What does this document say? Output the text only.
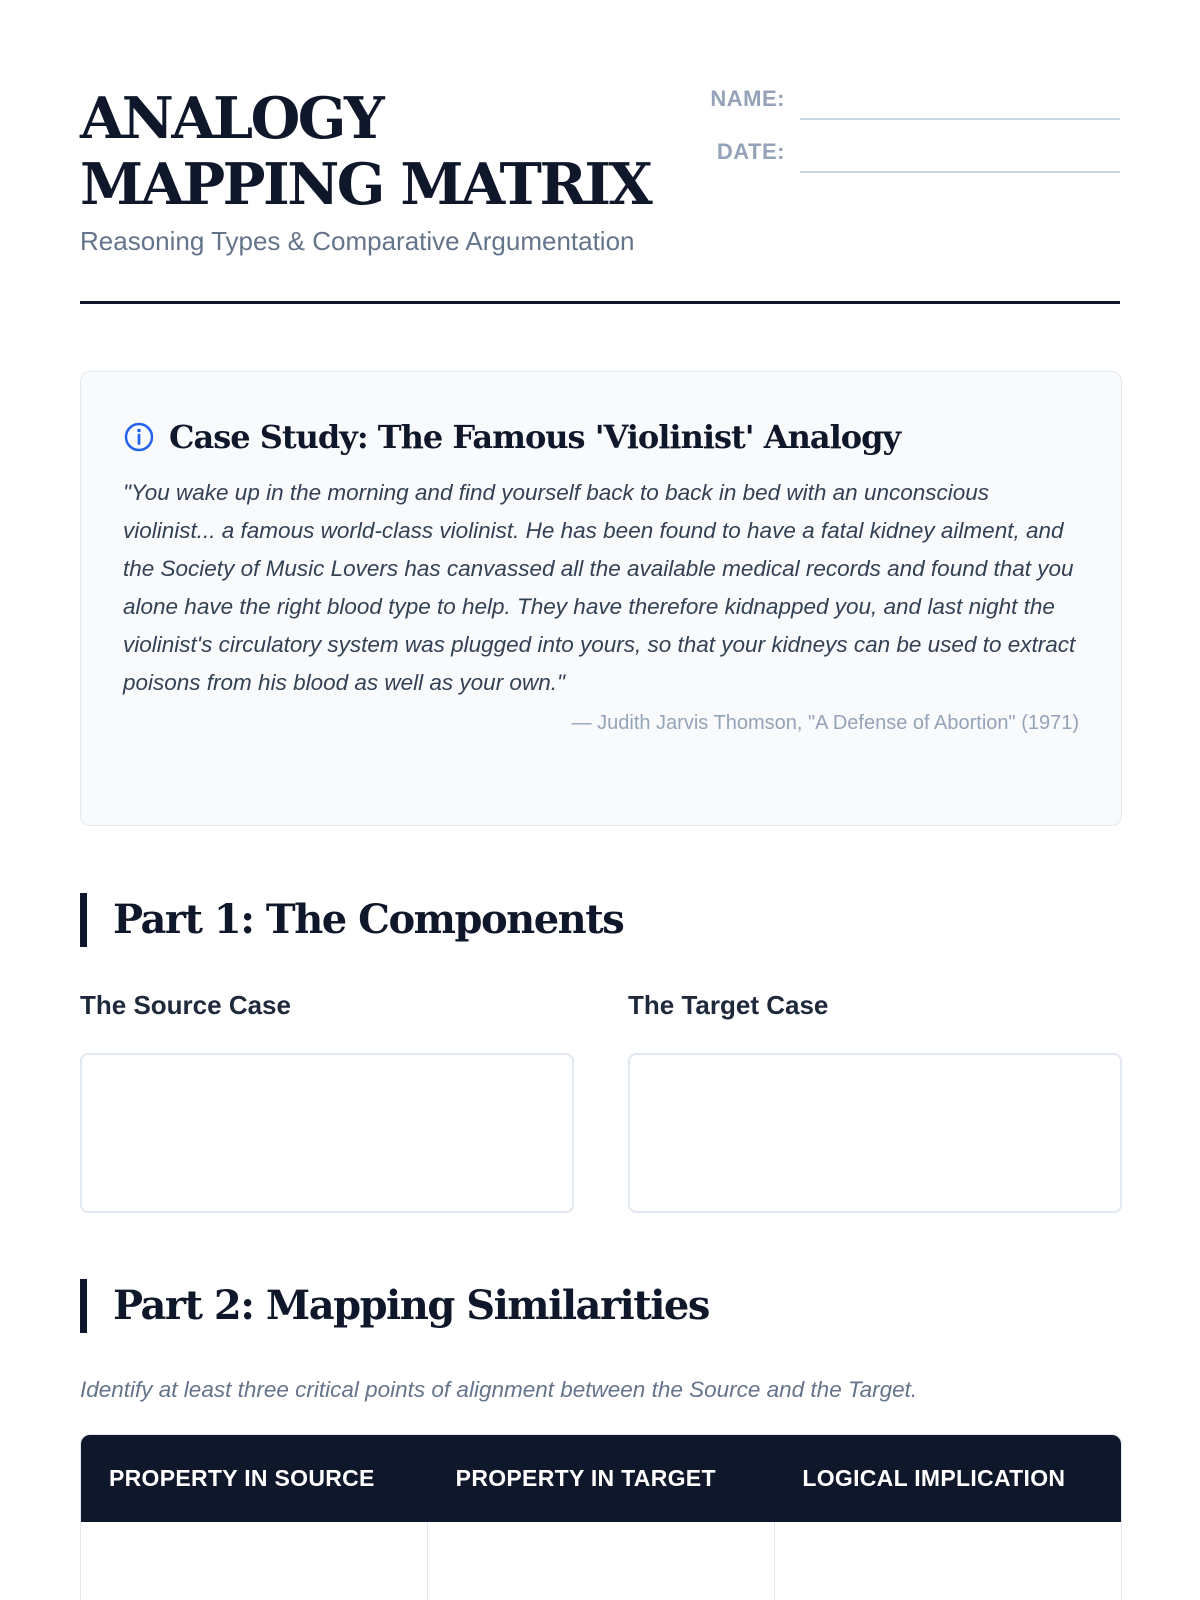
ANALOGY MAPPING MATRIX
Reasoning Types & Comparative Argumentation
NAME:
DATE:
Case Study: The Famous 'Violinist' Analogy

"You wake up in the morning and find yourself back to back in bed with an unconscious violinist... a famous world-class violinist. He has been found to have a fatal kidney ailment, and the Society of Music Lovers has canvassed all the available medical records and found that you alone have the right blood type to help. They have therefore kidnapped you, and last night the violinist's circulatory system was plugged into yours, so that your kidneys can be used to extract poisons from his blood as well as your own."

— Judith Jarvis Thomson, "A Defense of Abortion" (1971)

Part 1: The Components
The Source Case	The Target Case
Part 2: Mapping Similarities

Identify at least three critical points of alignment between the Source and the Target.

PROPERTY IN SOURCE	PROPERTY IN TARGET	LOGICAL IMPLICATION
